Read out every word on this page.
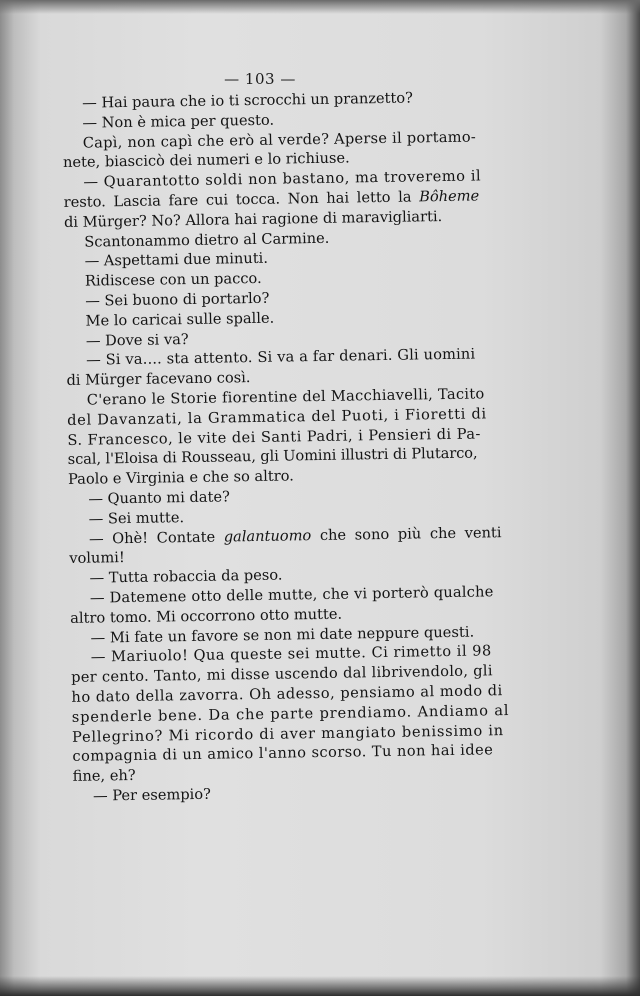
— 103 —
— Hai paura che io ti scrocchi un pranzetto?
— Non è mica per questo.
Capì, non capì che erò al verde? Aperse il portamo-
nete, biascicò dei numeri e lo richiuse.
— Quarantotto soldi non bastano, ma troveremo il
resto. Lascia fare cui tocca. Non hai letto la Bôheme
di Mürger? No? Allora hai ragione di maravigliarti.
Scantonammo dietro al Carmine.
— Aspettami due minuti.
Ridiscese con un pacco.
— Sei buono di portarlo?
Me lo caricai sulle spalle.
— Dove si va?
— Si va.... sta attento. Si va a far denari. Gli uomini
di Mürger facevano così.
C'erano le Storie fiorentine del Macchiavelli, Tacito
del Davanzati, la Grammatica del Puoti, i Fioretti di
S. Francesco, le vite dei Santi Padri, i Pensieri di Pa-
scal, l'Eloisa di Rousseau, gli Uomini illustri di Plutarco,
Paolo e Virginia e che so altro.
— Quanto mi date?
— Sei mutte.
— Ohè! Contate galantuomo che sono più che venti
volumi!
— Tutta robaccia da peso.
— Datemene otto delle mutte, che vi porterò qualche
altro tomo. Mi occorrono otto mutte.
— Mi fate un favore se non mi date neppure questi.
— Mariuolo! Qua queste sei mutte. Ci rimetto il 98
per cento. Tanto, mi disse uscendo dal librivendolo, gli
ho dato della zavorra. Oh adesso, pensiamo al modo di
spenderle bene. Da che parte prendiamo. Andiamo al
Pellegrino? Mi ricordo di aver mangiato benissimo in
compagnia di un amico l'anno scorso. Tu non hai idee
fine, eh?
— Per esempio?
